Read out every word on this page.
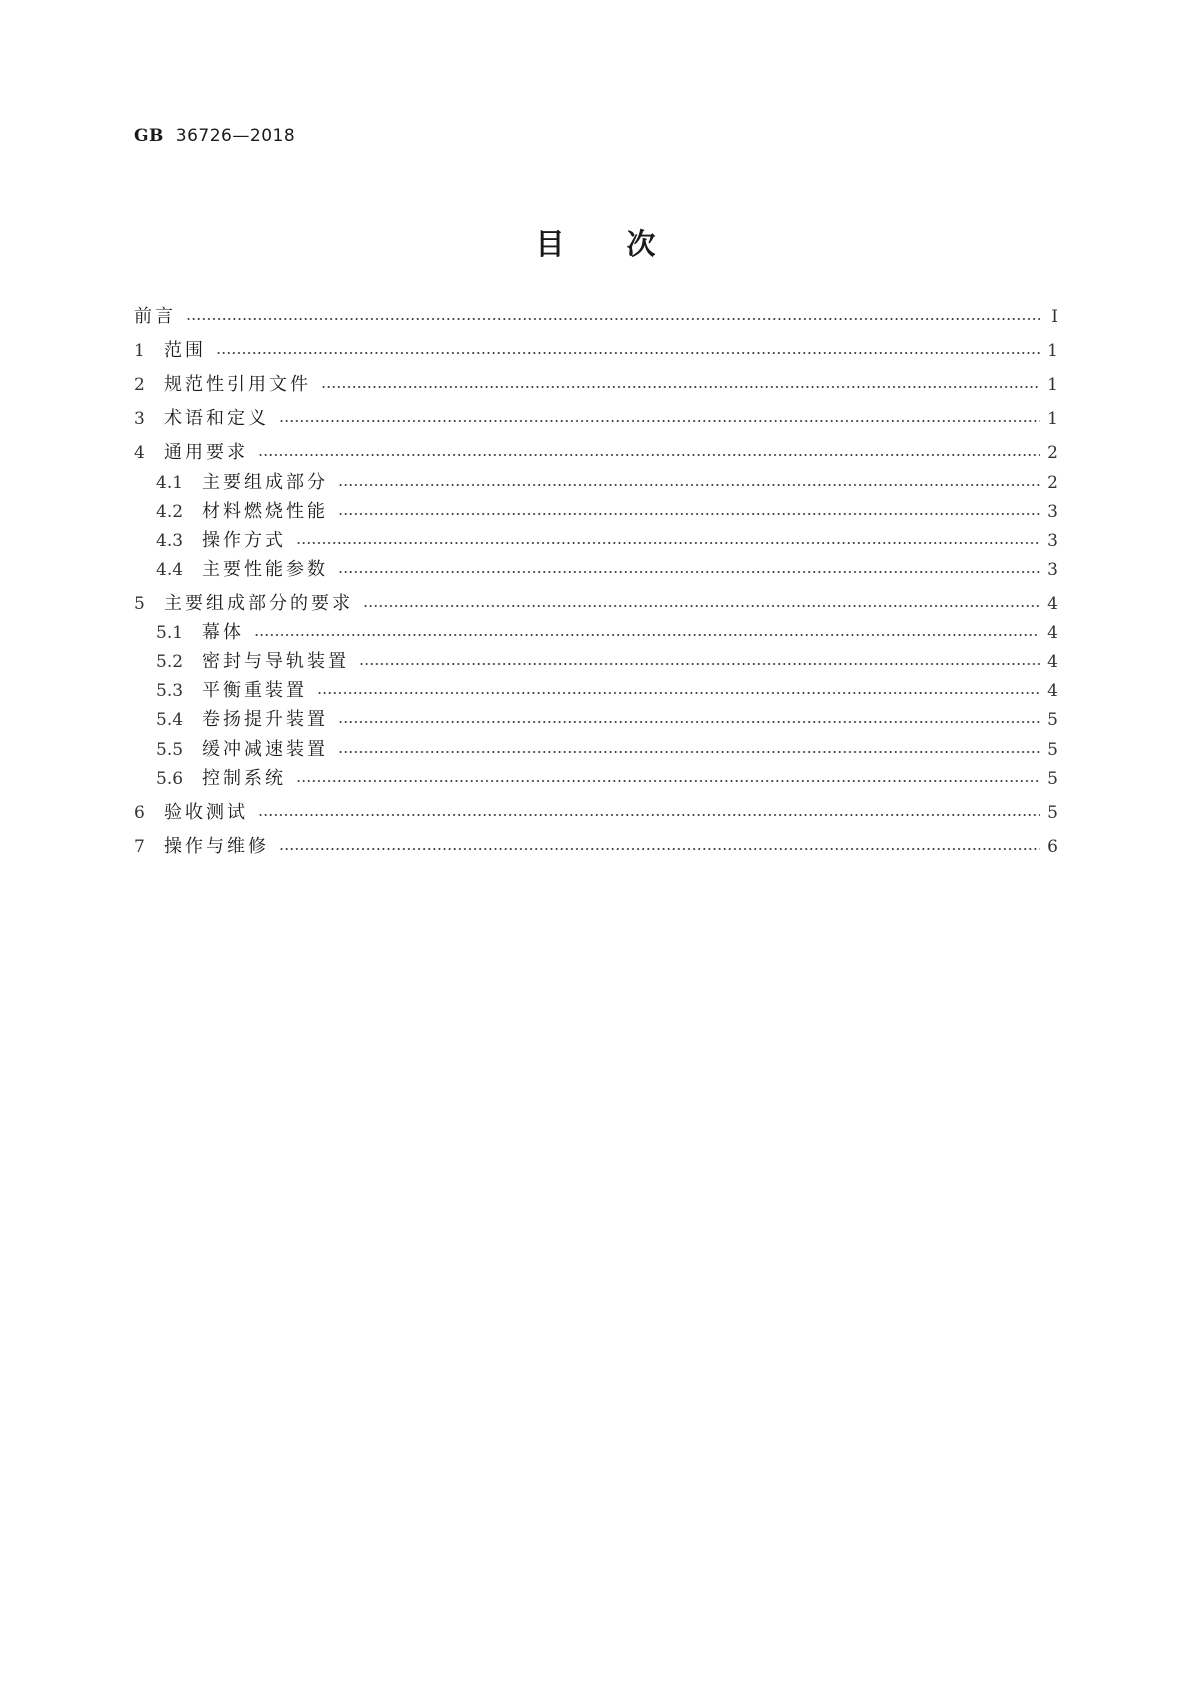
GB 36726—2018
目次
前言	Ⅰ
1	范围	1
2	规范性引用文件	1
3	术语和定义	1
4	通用要求	2
4.1	主要组成部分	2
4.2	材料燃烧性能	3
4.3	操作方式	3
4.4	主要性能参数	3
5	主要组成部分的要求	4
5.1	幕体	4
5.2	密封与导轨装置	4
5.3	平衡重装置	4
5.4	卷扬提升装置	5
5.5	缓冲减速装置	5
5.6	控制系统	5
6	验收测试	5
7	操作与维修	6
